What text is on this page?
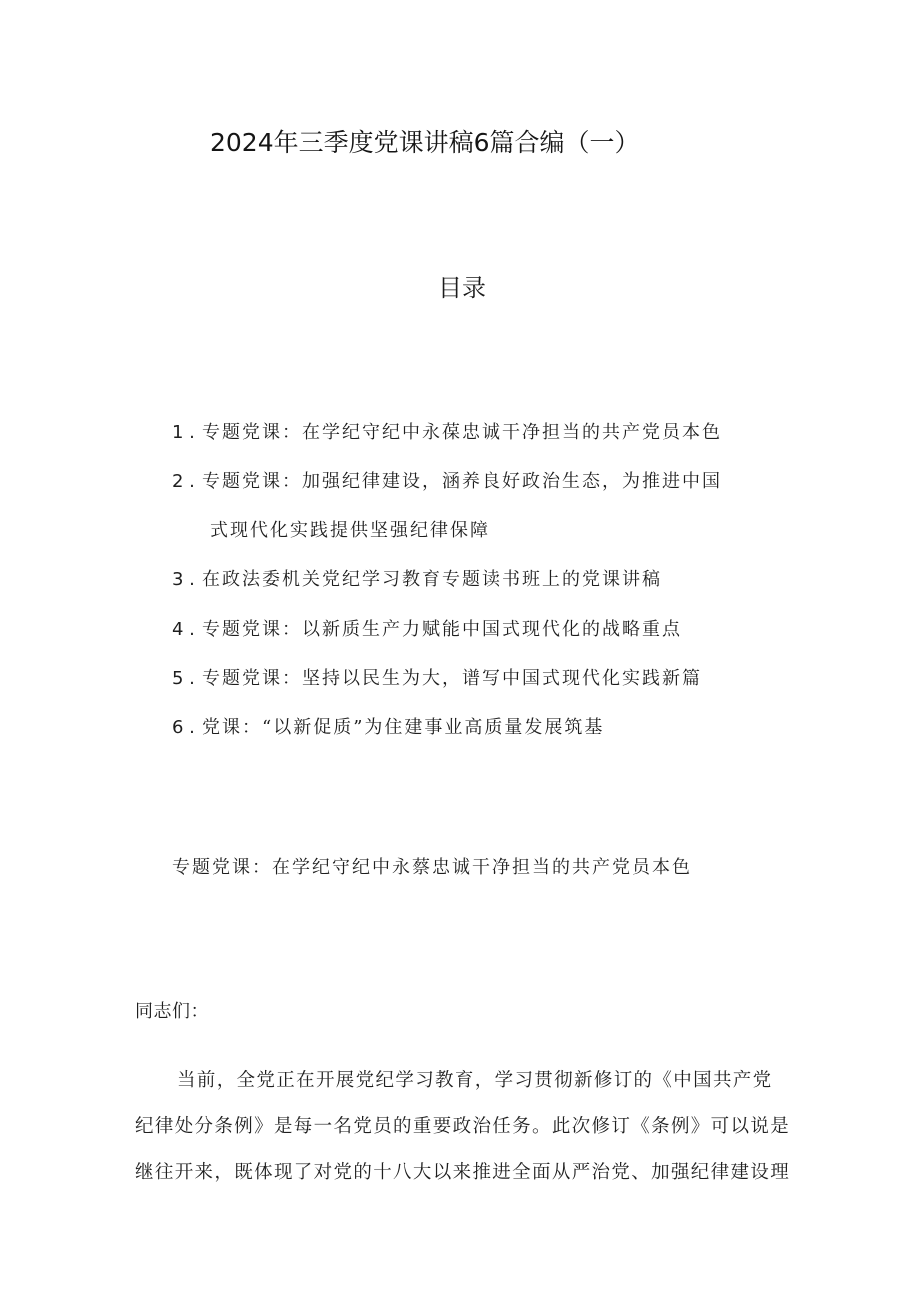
2024年三季度党课讲稿6篇合编（一）
目录
1 . 专题党课：在学纪守纪中永葆忠诚干净担当的共产党员本色
2 . 专题党课：加强纪律建设，涵养良好政治生态，为推进中国
式现代化实践提供坚强纪律保障
3 . 在政法委机关党纪学习教育专题读书班上的党课讲稿
4 . 专题党课：以新质生产力赋能中国式现代化的战略重点
5 . 专题党课：坚持以民生为大，谱写中国式现代化实践新篇
6 . 党课：“以新促质”为住建事业高质量发展筑基
专题党课：在学纪守纪中永蔡忠诚干净担当的共产党员本色
同志们：
当前，全党正在开展党纪学习教育，学习贯彻新修订的《中国共产党
纪律处分条例》是每一名党员的重要政治任务。此次修订《条例》可以说是
继往开来，既体现了对党的十八大以来推进全面从严治党、加强纪律建设理
